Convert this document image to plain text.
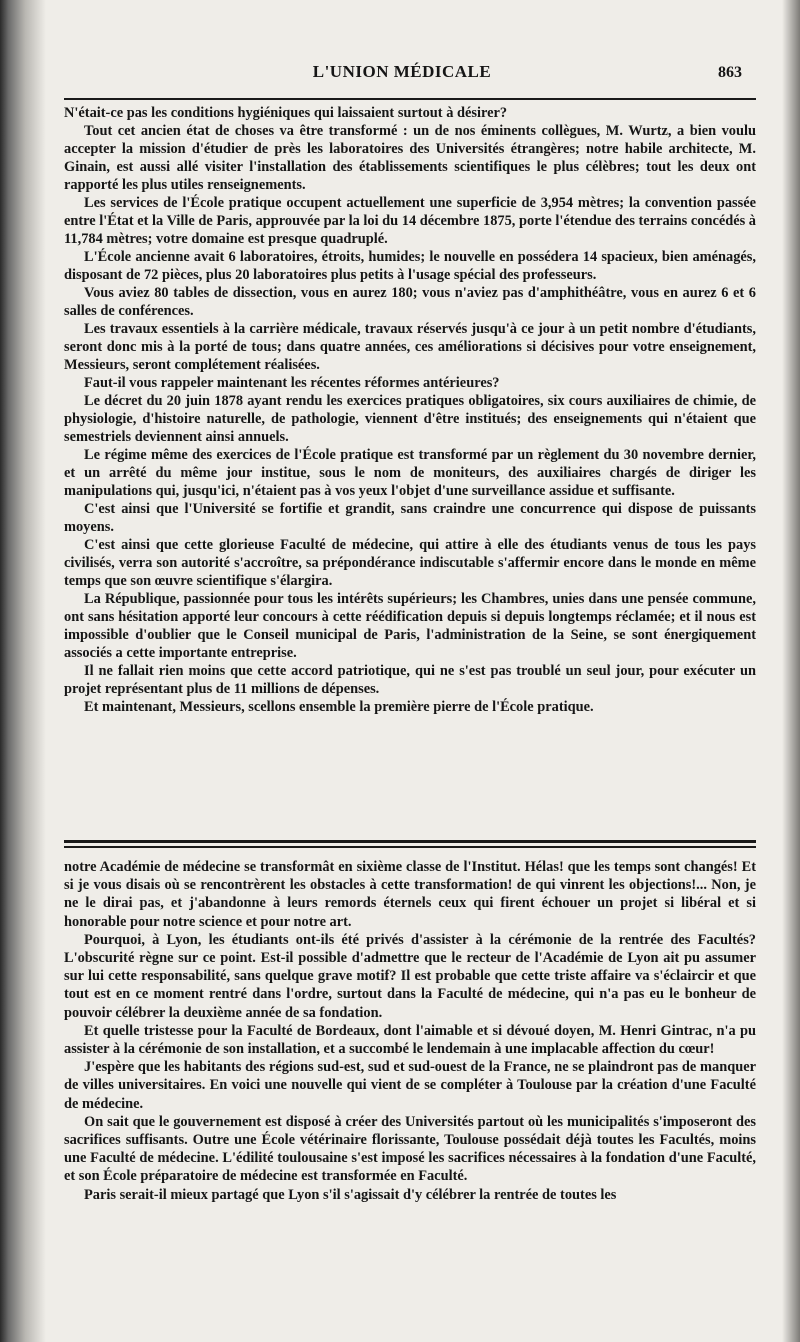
L'UNION MÉDICALE	863

N'était-ce pas les conditions hygiéniques qui laissaient surtout à désirer?

Tout cet ancien état de choses va être transformé : un de nos éminents collègues, M. Wurtz, a bien voulu accepter la mission d'étudier de près les laboratoires des Universités étrangères; notre habile architecte, M. Ginain, est aussi allé visiter l'installation des établissements scientifiques le plus célèbres; tout les deux ont rapporté les plus utiles renseignements.

Les services de l'École pratique occupent actuellement une superficie de 3,954 mètres; la convention passée entre l'État et la Ville de Paris, approuvée par la loi du 14 décembre 1875, porte l'étendue des terrains concédés à 11,784 mètres; votre domaine est presque quadruplé.

L'École ancienne avait 6 laboratoires, étroits, humides; le nouvelle en possédera 14 spacieux, bien aménagés, disposant de 72 pièces, plus 20 laboratoires plus petits à l'usage spécial des professeurs.

Vous aviez 80 tables de dissection, vous en aurez 180; vous n'aviez pas d'amphithéâtre, vous en aurez 6 et 6 salles de conférences.

Les travaux essentiels à la carrière médicale, travaux réservés jusqu'à ce jour à un petit nombre d'étudiants, seront donc mis à la porté de tous; dans quatre années, ces améliorations si décisives pour votre enseignement, Messieurs, seront complétement réalisées.

Faut-il vous rappeler maintenant les récentes réformes antérieures?

Le décret du 20 juin 1878 ayant rendu les exercices pratiques obligatoires, six cours auxiliaires de chimie, de physiologie, d'histoire naturelle, de pathologie, viennent d'être institués; des enseignements qui n'étaient que semestriels deviennent ainsi annuels.

Le régime même des exercices de l'École pratique est transformé par un règlement du 30 novembre dernier, et un arrêté du même jour institue, sous le nom de moniteurs, des auxiliaires chargés de diriger les manipulations qui, jusqu'ici, n'étaient pas à vos yeux l'objet d'une surveillance assidue et suffisante.

C'est ainsi que l'Université se fortifie et grandit, sans craindre une concurrence qui dispose de puissants moyens.

C'est ainsi que cette glorieuse Faculté de médecine, qui attire à elle des étudiants venus de tous les pays civilisés, verra son autorité s'accroître, sa prépondérance indiscutable s'affermir encore dans le monde en même temps que son œuvre scientifique s'élargira.

La République, passionnée pour tous les intérêts supérieurs; les Chambres, unies dans une pensée commune, ont sans hésitation apporté leur concours à cette réédification depuis si depuis longtemps réclamée; et il nous est impossible d'oublier que le Conseil municipal de Paris, l'administration de la Seine, se sont énergiquement associés a cette importante entreprise.

Il ne fallait rien moins que cette accord patriotique, qui ne s'est pas troublé un seul jour, pour exécuter un projet représentant plus de 11 millions de dépenses.

Et maintenant, Messieurs, scellons ensemble la première pierre de l'École pratique.

notre Académie de médecine se transformât en sixième classe de l'Institut. Hélas! que les temps sont changés! Et si je vous disais où se rencontrèrent les obstacles à cette transformation! de qui vinrent les objections!... Non, je ne le dirai pas, et j'abandonne à leurs remords éternels ceux qui firent échouer un projet si libéral et si honorable pour notre science et pour notre art.

Pourquoi, à Lyon, les étudiants ont-ils été privés d'assister à la cérémonie de la rentrée des Facultés? L'obscurité règne sur ce point. Est-il possible d'admettre que le recteur de l'Académie de Lyon ait pu assumer sur lui cette responsabilité, sans quelque grave motif? Il est probable que cette triste affaire va s'éclaircir et que tout est en ce moment rentré dans l'ordre, surtout dans la Faculté de médecine, qui n'a pas eu le bonheur de pouvoir célébrer la deuxième année de sa fondation.

Et quelle tristesse pour la Faculté de Bordeaux, dont l'aimable et si dévoué doyen, M. Henri Gintrac, n'a pu assister à la cérémonie de son installation, et a succombé le lendemain à une implacable affection du cœur!

J'espère que les habitants des régions sud-est, sud et sud-ouest de la France, ne se plaindront pas de manquer de villes universitaires. En voici une nouvelle qui vient de se compléter à Toulouse par la création d'une Faculté de médecine.

On sait que le gouvernement est disposé à créer des Universités partout où les municipalités s'imposeront des sacrifices suffisants. Outre une École vétérinaire florissante, Toulouse possédait déjà toutes les Facultés, moins une Faculté de médecine. L'édilité toulousaine s'est imposé les sacrifices nécessaires à la fondation d'une Faculté, et son École préparatoire de médecine est transformée en Faculté.

Paris serait-il mieux partagé que Lyon s'il s'agissait d'y célébrer la rentrée de toutes les
